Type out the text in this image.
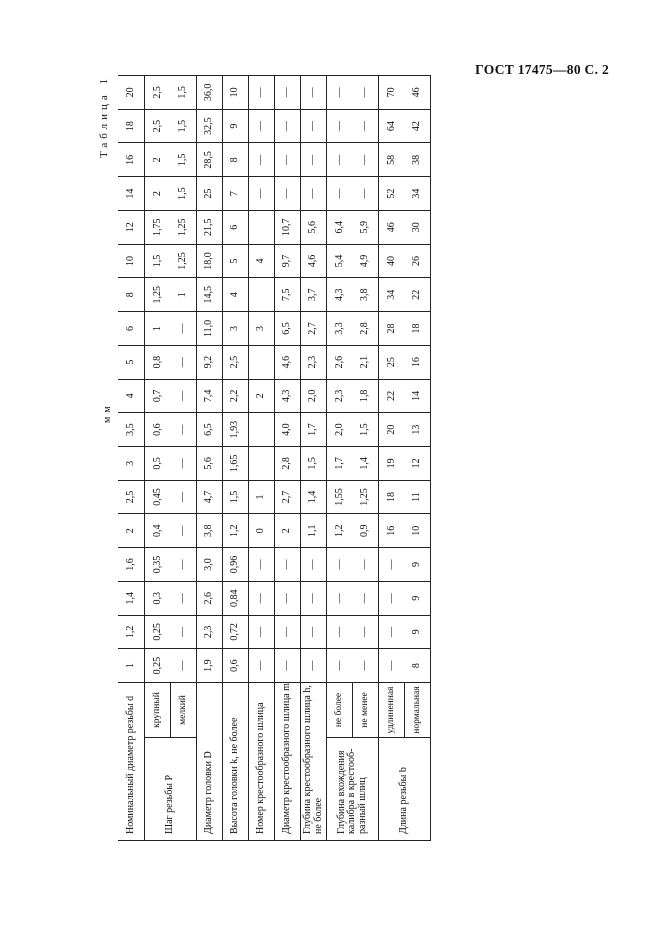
ГОСТ 17475—80 С. 2
Таблица 1
мм
Номинальный диаметр резьбы d		1	1,2	1,4	1,6	2	2,5	3	3,5	4	5	6	8	10	12	14	16	18	20
Шаг резьбы P	крупный	0,25	0,25	0,3	0,35	0,4	0,45	0,5	0,6	0,7	0,8	1	1,25	1,5	1,75	2	2	2,5	2,5
	мелкий	—	—	—	—	—	—	—	—	—	—	—	1	1,25	1,25	1,5	1,5	1,5	1,5
Диаметр головки D		1,9	2,3	2,6	3,0	3,8	4,7	5,6	6,5	7,4	9,2	11,0	14,5	18,0	21,5	25	28,5	32,5	36,0
Высота головки k, не более		0,6	0,72	0,84	0,96	1,2	1,5	1,65	1,93	2,2	2,5	3	4	5	6	7	8	9	10
Номер крестообразного шлица		—	—	—	—	0	1			2		3		4		—	—	—	—
Диаметр крестообразного шлица m		—	—	—	—	2	2,7	2,8	4,0	4,3	4,6	6,5	7,5	9,7	10,7	—	—	—	—
Глубина крестообразного шлица h, не более		—	—	—	—	1,1	1,4	1,5	1,7	2,0	2,3	2,7	3,7	4,6	5,6	—	—	—	—
Глубина вхождения калибра в крестооб-разный шлиц	не более	—	—	—	—	1,2	1,55	1,7	2,0	2,3	2,6	3,3	4,3	5,4	6,4	—	—	—	—
	не менее	—	—	—	—	0,9	1,25	1,4	1,5	1,8	2,1	2,8	3,8	4,9	5,9	—	—	—	—
Длина резьбы b	удлиненная	—	—	—	—	16	18	19	20	22	25	28	34	40	46	52	58	64	70
	нормальная	8	9	9	9	10	11	12	13	14	16	18	22	26	30	34	38	42	46
